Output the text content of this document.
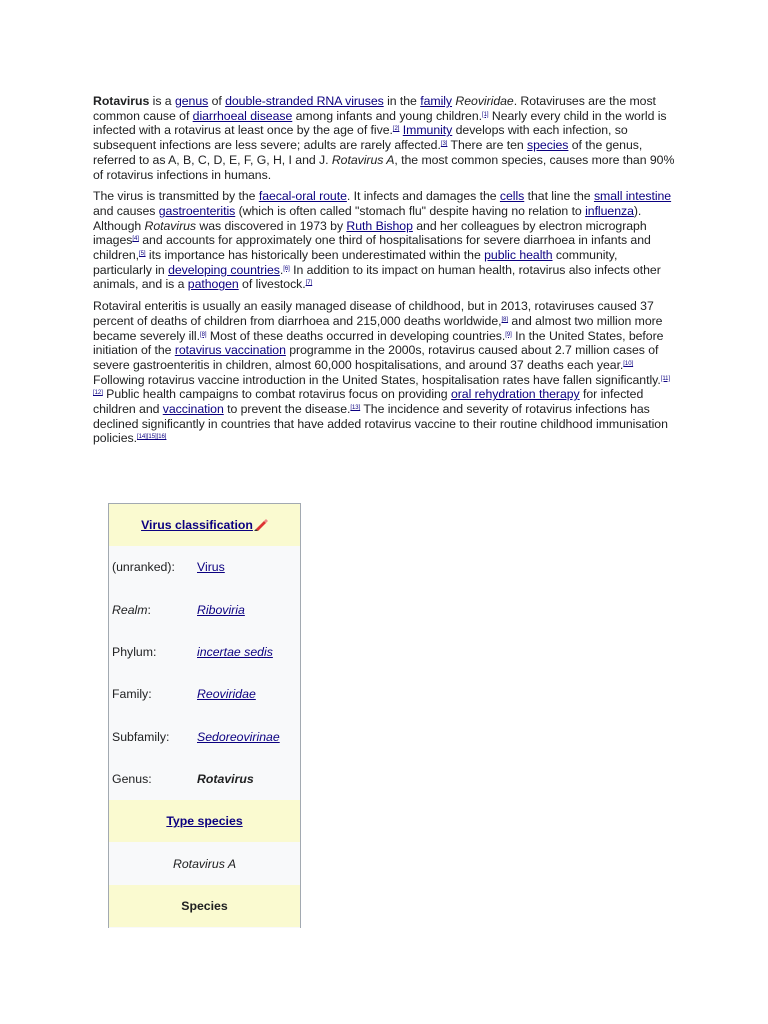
Rotavirus is a genus of double-stranded RNA viruses in the family Reoviridae. Rotaviruses are the most common cause of diarrhoeal disease among infants and young children.[1] Nearly every child in the world is infected with a rotavirus at least once by the age of five.[2] Immunity develops with each infection, so subsequent infections are less severe; adults are rarely affected.[3] There are ten species of the genus, referred to as A, B, C, D, E, F, G, H, I and J. Rotavirus A, the most common species, causes more than 90% of rotavirus infections in humans.

The virus is transmitted by the faecal-oral route. It infects and damages the cells that line the small intestine and causes gastroenteritis (which is often called "stomach flu" despite having no relation to influenza). Although Rotavirus was discovered in 1973 by Ruth Bishop and her colleagues by electron micrograph images[4] and accounts for approximately one third of hospitalisations for severe diarrhoea in infants and children,[5] its importance has historically been underestimated within the public health community, particularly in developing countries.[6] In addition to its impact on human health, rotavirus also infects other animals, and is a pathogen of livestock.[7]

Rotaviral enteritis is usually an easily managed disease of childhood, but in 2013, rotaviruses caused 37 percent of deaths of children from diarrhoea and 215,000 deaths worldwide,[8] and almost two million more became severely ill.[8] Most of these deaths occurred in developing countries.[9] In the United States, before initiation of the rotavirus vaccination programme in the 2000s, rotavirus caused about 2.7 million cases of severe gastroenteritis in children, almost 60,000 hospitalisations, and around 37 deaths each year.[10] Following rotavirus vaccine introduction in the United States, hospitalisation rates have fallen significantly.[11][12] Public health campaigns to combat rotavirus focus on providing oral rehydration therapy for infected children and vaccination to prevent the disease.[13] The incidence and severity of rotavirus infections has declined significantly in countries that have added rotavirus vaccine to their routine childhood immunisation policies.[14][15][16]

Virus classification
(unranked):	Virus
Realm:	Riboviria
Phylum:	incertae sedis
Family:	Reoviridae
Subfamily:	Sedoreovirinae
Genus:	Rotavirus
Type species
Rotavirus A
Species
